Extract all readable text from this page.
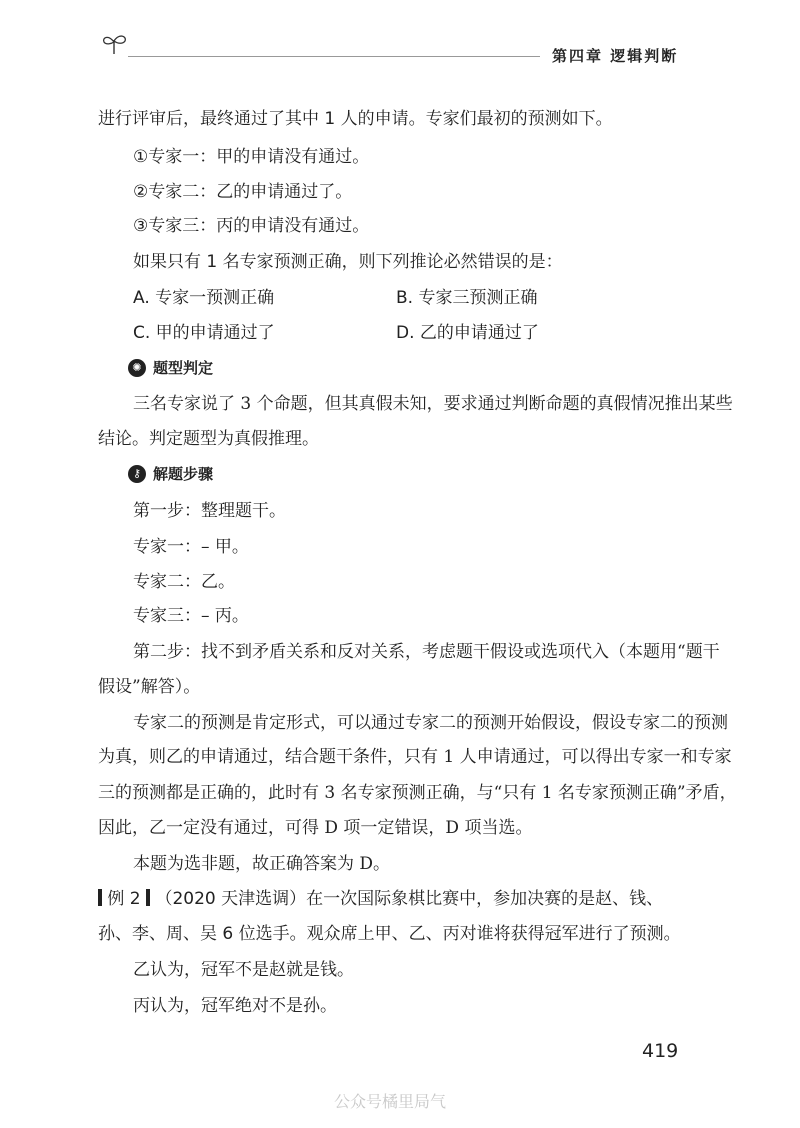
第四章 逻辑判断
进行评审后，最终通过了其中 1 人的申请。专家们最初的预测如下。
①专家一：甲的申请没有通过。
②专家二：乙的申请通过了。
③专家三：丙的申请没有通过。
如果只有 1 名专家预测正确，则下列推论必然错误的是：
A. 专家一预测正确	B. 专家三预测正确
C. 甲的申请通过了	D. 乙的申请通过了
✺ 题型判定
三名专家说了 3 个命题，但其真假未知，要求通过判断命题的真假情况推出某些
结论。判定题型为真假推理。
⚷ 解题步骤
第一步：整理题干。
专家一：– 甲。
专家二：乙。
专家三：– 丙。
第二步：找不到矛盾关系和反对关系，考虑题干假设或选项代入（本题用“题干
假设”解答）。
专家二的预测是肯定形式，可以通过专家二的预测开始假设，假设专家二的预测
为真，则乙的申请通过，结合题干条件，只有 1 人申请通过，可以得出专家一和专家
三的预测都是正确的，此时有 3 名专家预测正确，与“只有 1 名专家预测正确”矛盾，
因此，乙一定没有通过，可得 D 项一定错误，D 项当选。
本题为选非题，故正确答案为 D。
例 2 （2020 天津选调）在一次国际象棋比赛中，参加决赛的是赵、钱、
孙、李、周、吴 6 位选手。观众席上甲、乙、丙对谁将获得冠军进行了预测。
乙认为，冠军不是赵就是钱。
丙认为，冠军绝对不是孙。
419
公众号橘里局气
